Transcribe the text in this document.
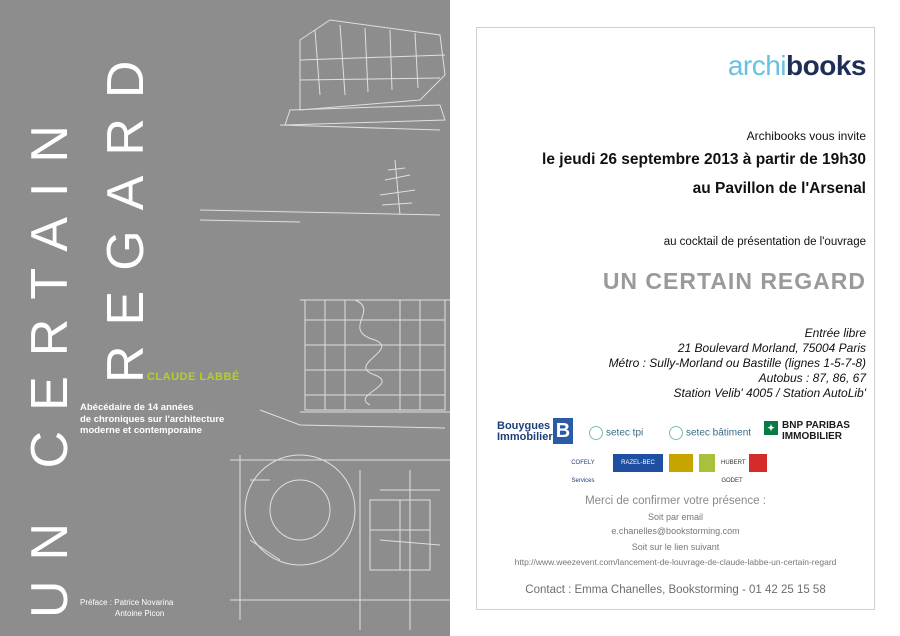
UN CERTAIN REGARD
CLAUDE LABBÉ
Abécédaire de 14 années
de chroniques sur l'architecture
moderne et contemporaine
Préface : Patrice Novarina
Antoine Picon
archibooks
Archibooks vous invite
le jeudi 26 septembre 2013 à partir de 19h30
au Pavillon de l'Arsenal
au cocktail de présentation de l'ouvrage
UN CERTAIN REGARD
Entrée libre
21 Boulevard Morland, 75004 Paris
Métro : Sully-Morland ou Bastille (lignes 1-5-7-8)
Autobus : 87, 86, 67
Station Velib' 4005 / Station AutoLib'
Bouygues
Immobilier B	setec tpi	setec bâtiment	✦ BNP PARIBAS
IMMOBILIER
COFELY Services
RAZEL-BEC	HUBERT GODET
Merci de confirmer votre présence :
Soit par email
e.chanelles@bookstorming.com
Soit sur le lien suivant
http://www.weezevent.com/lancement-de-louvrage-de-claude-labbe-un-certain-regard
Contact : Emma Chanelles, Bookstorming - 01 42 25 15 58
